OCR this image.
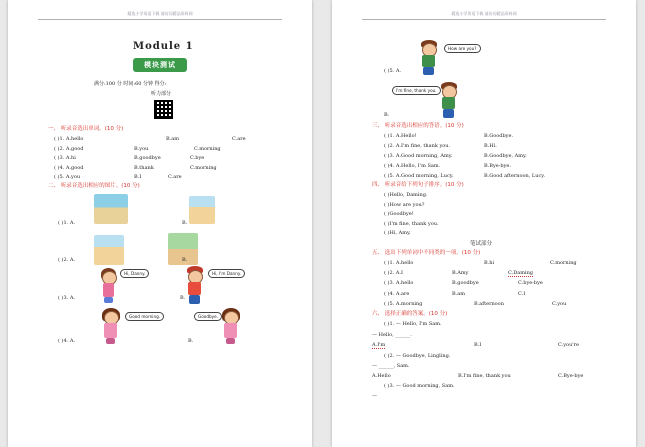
精选小学英语下载 请访问精品资料网
Module 1
模块测试
满分:100 分 时间:60 分钟 得分:
听力部分
一、 听录音选出单词。(10 分)
( )1. A.hello	B.am	C.are
( )2. A.good	B.you	C.morning
( )3. A.hi	B.goodbye	C.bye
( )4. A.good	B.thank	C.morning
( )5. A.you	B.I	C.are
二、 听录音选出相应的图片。(10 分)
( )1. A.	B.
( )2. A.	B.
Hi, Danny.
( )3. A.
Hi, I'm Danny.
B.
Good morning.
( )4. A.
Goodbye.
B.
精选小学英语下载 请访问精品资料网
How are you?
( )5. A.
I'm fine, thank you.
B.
三、 听录音选出相应的答语。(10 分)
( )1. A.Hello!	B.Goodbye.
( )2. A.I'm fine, thank you.	B.Hi.
( )3. A.Good morning, Amy.	B.Goodbye, Amy.
( )4. A.Hello, I'm Sam.	B.Bye-bye.
( )5. A.Good morning, Lucy.	B.Good afternoon, Lucy.
四、 听录音给下列句子排序。(10 分)
( )Hello, Daming.
( )How are you?
( )Goodbye!
( )I'm fine, thank you.
( )Hi, Amy.
笔试部分
五、 选出下列单词中不同类的一项。(10 分)
( )1. A.hello	B.hi	C.morning
( )2. A.I	B.Amy	C.Daming
( )3. A.hello	B.goodbye	C.bye-bye
( )4. A.are	B.am	C.I
( )5. A.morning	B.afternoon	C.you
六、 选择正确的答案。(10 分)
( )1. — Hello, I'm Sam.
— Hello, ______.
A.I'm	B.I	C.you're
( )2. — Goodbye, Lingling.
— ______, Sam.
A.Hello	B.I'm fine, thank you	C.Bye-bye
( )3. — Good morning, Sam.
—
